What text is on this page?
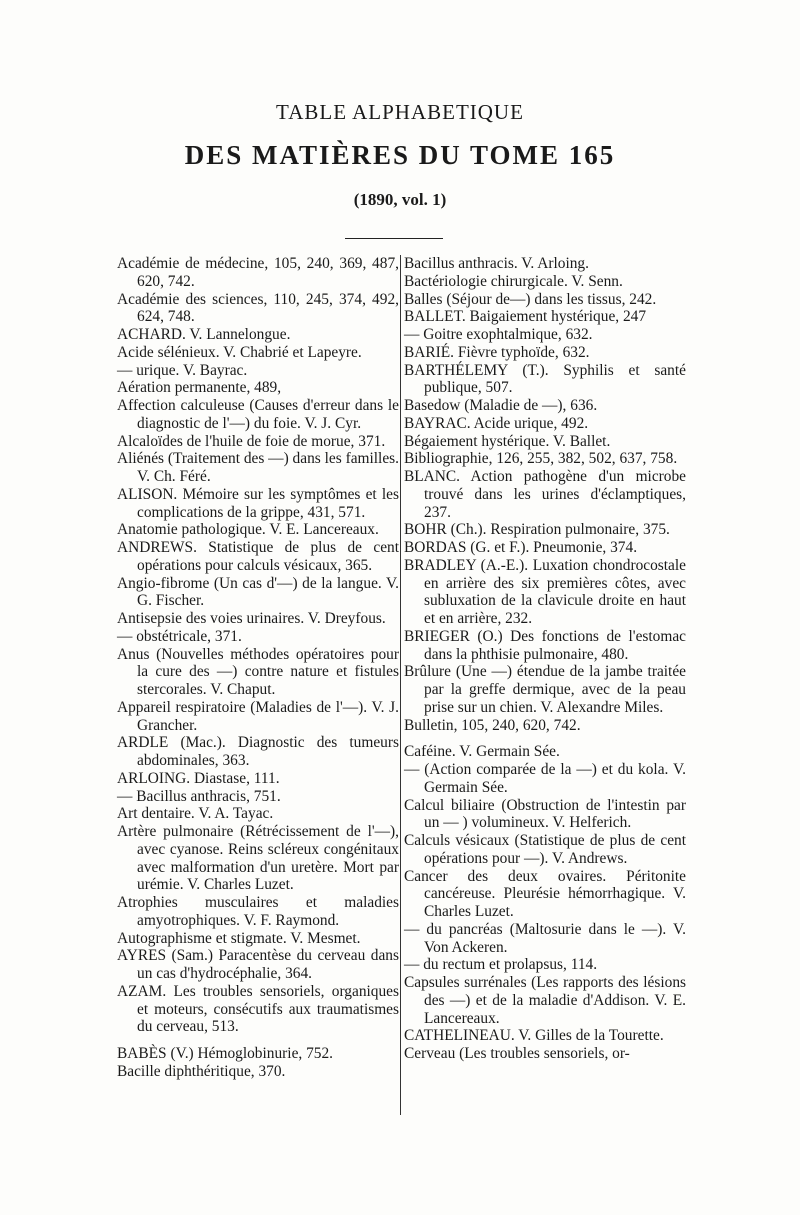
TABLE ALPHABETIQUE
DES MATIÈRES DU TOME 165
(1890, vol. 1)

Académie de médecine, 105, 240, 369, 487, 620, 742.

Académie des sciences, 110, 245, 374, 492, 624, 748.

ACHARD. V. Lannelongue.

Acide sélénieux. V. Chabrié et Lapeyre.

— urique. V. Bayrac.

Aération permanente, 489,

Affection calculeuse (Causes d'erreur dans le diagnostic de l'—) du foie. V. J. Cyr.

Alcaloïdes de l'huile de foie de morue, 371.

Aliénés (Traitement des —) dans les familles. V. Ch. Féré.

ALISON. Mémoire sur les symptômes et les complications de la grippe, 431, 571.

Anatomie pathologique. V. E. Lancereaux.

ANDREWS. Statistique de plus de cent opérations pour calculs vésicaux, 365.

Angio-fibrome (Un cas d'—) de la langue. V. G. Fischer.

Antisepsie des voies urinaires. V. Dreyfous.

— obstétricale, 371.

Anus (Nouvelles méthodes opératoires pour la cure des —) contre nature et fistules stercorales. V. Chaput.

Appareil respiratoire (Maladies de l'—). V. J. Grancher.

ARDLE (Mac.). Diagnostic des tumeurs abdominales, 363.

ARLOING. Diastase, 111.

— Bacillus anthracis, 751.

Art dentaire. V. A. Tayac.

Artère pulmonaire (Rétrécissement de l'—), avec cyanose. Reins scléreux congénitaux avec malformation d'un uretère. Mort par urémie. V. Charles Luzet.

Atrophies musculaires et maladies amyotrophiques. V. F. Raymond.

Autographisme et stigmate. V. Mesmet.

AYRES (Sam.) Paracentèse du cerveau dans un cas d'hydrocéphalie, 364.

AZAM. Les troubles sensoriels, organiques et moteurs, consécutifs aux traumatismes du cerveau, 513.

BABÈS (V.) Hémoglobinurie, 752.

Bacille diphthéritique, 370.

Bacillus anthracis. V. Arloing.

Bactériologie chirurgicale. V. Senn.

Balles (Séjour de—) dans les tissus, 242.

BALLET. Baigaiement hystérique, 247

— Goitre exophtalmique, 632.

BARIÉ. Fièvre typhoïde, 632.

BARTHÉLEMY (T.). Syphilis et santé publique, 507.

Basedow (Maladie de —), 636.

BAYRAC. Acide urique, 492.

Bégaiement hystérique. V. Ballet.

Bibliographie, 126, 255, 382, 502, 637, 758.

BLANC. Action pathogène d'un microbe trouvé dans les urines d'éclamptiques, 237.

BOHR (Ch.). Respiration pulmonaire, 375.

BORDAS (G. et F.). Pneumonie, 374.

BRADLEY (A.-E.). Luxation chondrocostale en arrière des six premières côtes, avec subluxation de la clavicule droite en haut et en arrière, 232.

BRIEGER (O.) Des fonctions de l'estomac dans la phthisie pulmonaire, 480.

Brûlure (Une —) étendue de la jambe traitée par la greffe dermique, avec de la peau prise sur un chien. V. Alexandre Miles.

Bulletin, 105, 240, 620, 742.

Caféine. V. Germain Sée.

— (Action comparée de la —) et du kola. V. Germain Sée.

Calcul biliaire (Obstruction de l'intestin par un — ) volumineux. V. Helferich.

Calculs vésicaux (Statistique de plus de cent opérations pour —). V. Andrews.

Cancer des deux ovaires. Péritonite cancéreuse. Pleurésie hémorrhagique. V. Charles Luzet.

— du pancréas (Maltosurie dans le —). V. Von Ackeren.

— du rectum et prolapsus, 114.

Capsules surrénales (Les rapports des lésions des —) et de la maladie d'Addison. V. E. Lancereaux.

CATHELINEAU. V. Gilles de la Tourette.

Cerveau (Les troubles sensoriels, or-
